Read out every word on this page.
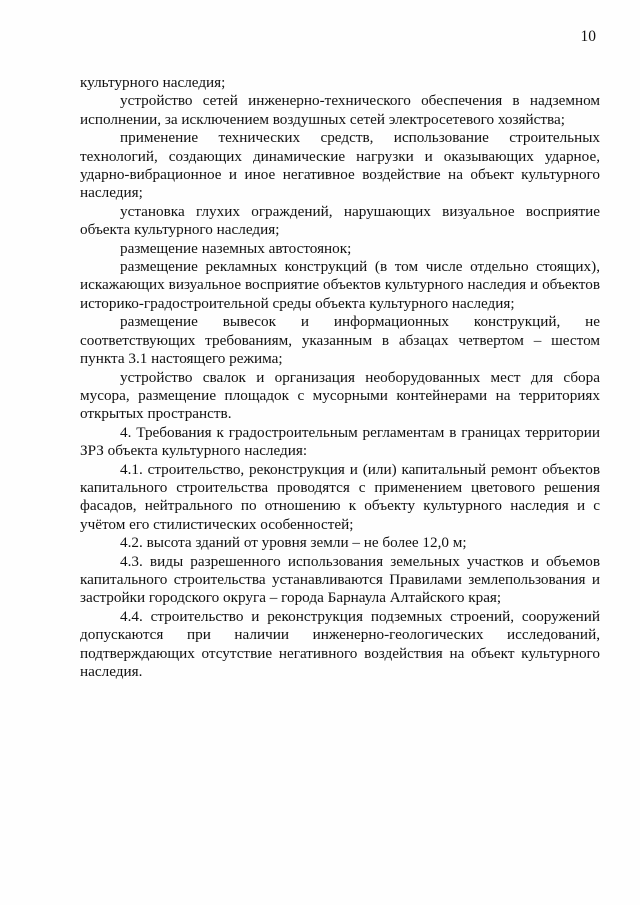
10

культурного наследия;

устройство сетей инженерно-технического обеспечения в надземном исполнении, за исключением воздушных сетей электросетевого хозяйства;

применение технических средств, использование строительных технологий, создающих динамические нагрузки и оказывающих ударное, ударно-вибрационное и иное негативное воздействие на объект культурного наследия;

установка глухих ограждений, нарушающих визуальное восприятие объекта культурного наследия;

размещение наземных автостоянок;

размещение рекламных конструкций (в том числе отдельно стоящих), искажающих визуальное восприятие объектов культурного наследия и объектов историко-градостроительной среды объекта культурного наследия;

размещение вывесок и информационных конструкций, не соответствующих требованиям, указанным в абзацах четвертом – шестом пункта 3.1 настоящего режима;

устройство свалок и организация необорудованных мест для сбора мусора, размещение площадок с мусорными контейнерами на территориях открытых пространств.

4. Требования к градостроительным регламентам в границах территории ЗРЗ объекта культурного наследия:

4.1. строительство, реконструкция и (или) капитальный ремонт объектов капитального строительства проводятся с применением цветового решения фасадов, нейтрального по отношению к объекту культурного наследия и с учётом его стилистических особенностей;

4.2. высота зданий от уровня земли – не более 12,0 м;

4.3. виды разрешенного использования земельных участков и объемов капитального строительства устанавливаются Правилами землепользования и застройки городского округа – города Барнаула Алтайского края;

4.4. строительство и реконструкция подземных строений, сооружений допускаются при наличии инженерно-геологических исследований, подтверждающих отсутствие негативного воздействия на объект культурного наследия.
